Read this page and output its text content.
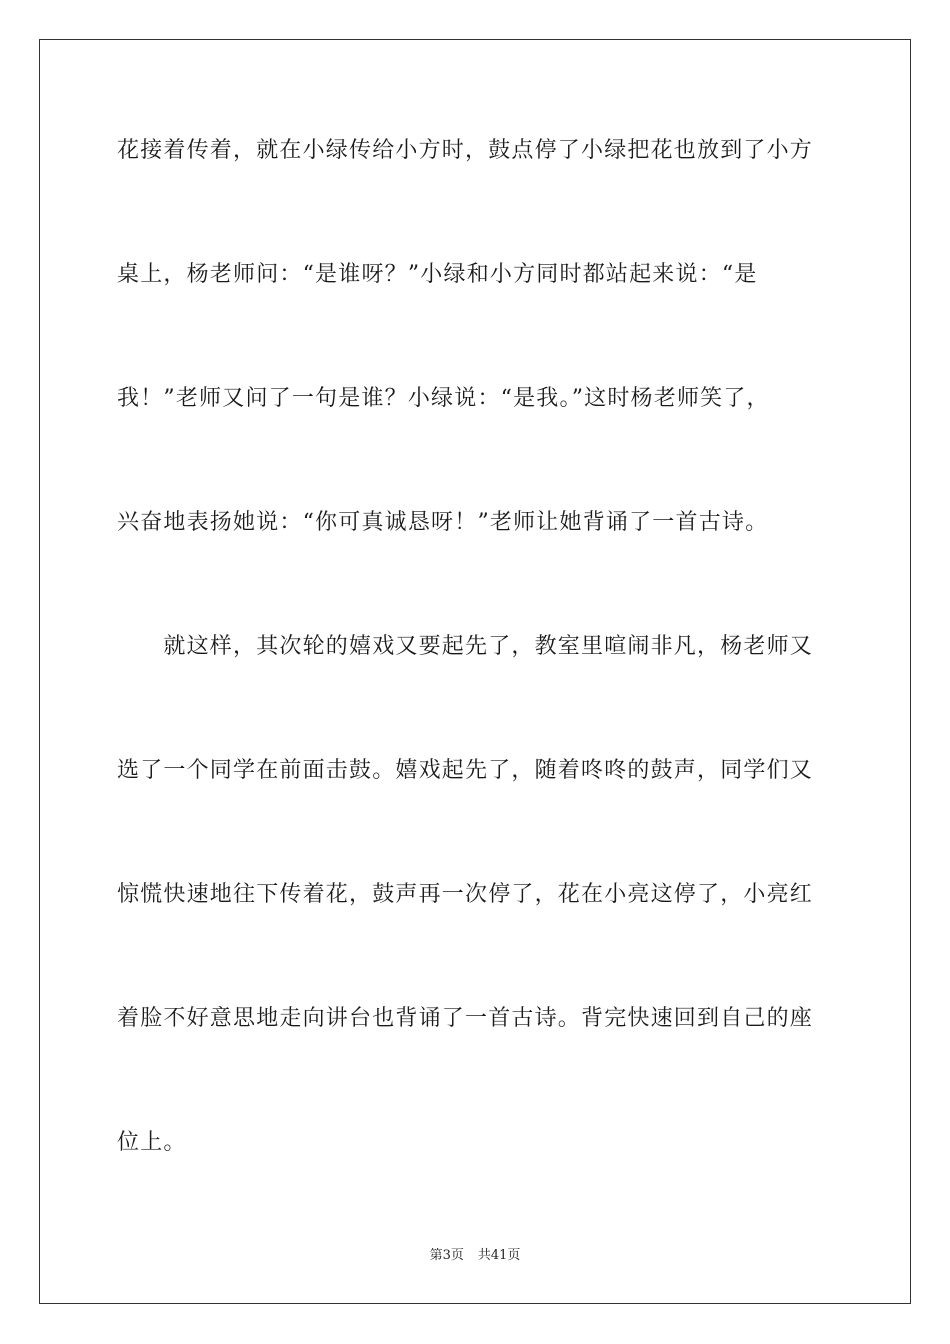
花接着传着，就在小绿传给小方时，鼓点停了小绿把花也放到了小方
桌上，杨老师问：“是谁呀？”小绿和小方同时都站起来说：“是
我！”老师又问了一句是谁？小绿说：“是我。”这时杨老师笑了，
兴奋地表扬她说：“你可真诚恳呀！”老师让她背诵了一首古诗。
　　就这样，其次轮的嬉戏又要起先了，教室里喧闹非凡，杨老师又
选了一个同学在前面击鼓。嬉戏起先了，随着咚咚的鼓声，同学们又
惊慌快速地往下传着花，鼓声再一次停了，花在小亮这停了，小亮红
着脸不好意思地走向讲台也背诵了一首古诗。背完快速回到自己的座
位上。
第3页 共41页
